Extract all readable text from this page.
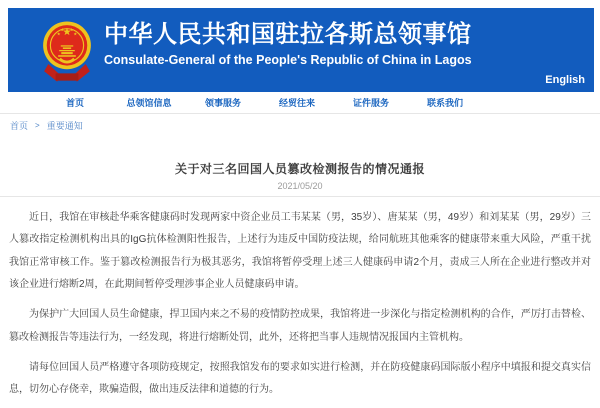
中华人民共和国驻拉各斯总领事馆
Consulate-General of the People's Republic of China in Lagos
English
首页	总领馆信息	领事服务	经贸往来	证件服务	联系我们
首页 > 重要通知
关于对三名回国人员篡改检测报告的情况通报
2021/05/20

近日，我馆在审核赴华乘客健康码时发现两家中资企业员工韦某某（男，35岁）、唐某某（男，49岁）和刘某某（男，29岁）三人篡改指定检测机构出具的IgG抗体检测阳性报告，上述行为违反中国防疫法规，给同航班其他乘客的健康带来重大风险，严重干扰我馆正常审核工作。鉴于篡改检测报告行为极其恶劣，我馆将暂停受理上述三人健康码申请2个月，责成三人所在企业进行整改并对该企业进行熔断2周，在此期间暂停受理涉事企业人员健康码申请。

为保护广大回国人员生命健康，捍卫国内来之不易的疫情防控成果，我馆将进一步深化与指定检测机构的合作，严厉打击替检、篡改检测报告等违法行为，一经发现，将进行熔断处罚，此外，还将把当事人违规情况报国内主管机构。

请每位回国人员严格遵守各项防疫规定，按照我馆发布的要求如实进行检测，并在防疫健康码国际版小程序中填报和提交真实信息，切勿心存侥幸，欺骗造假，做出违反法律和道德的行为。
